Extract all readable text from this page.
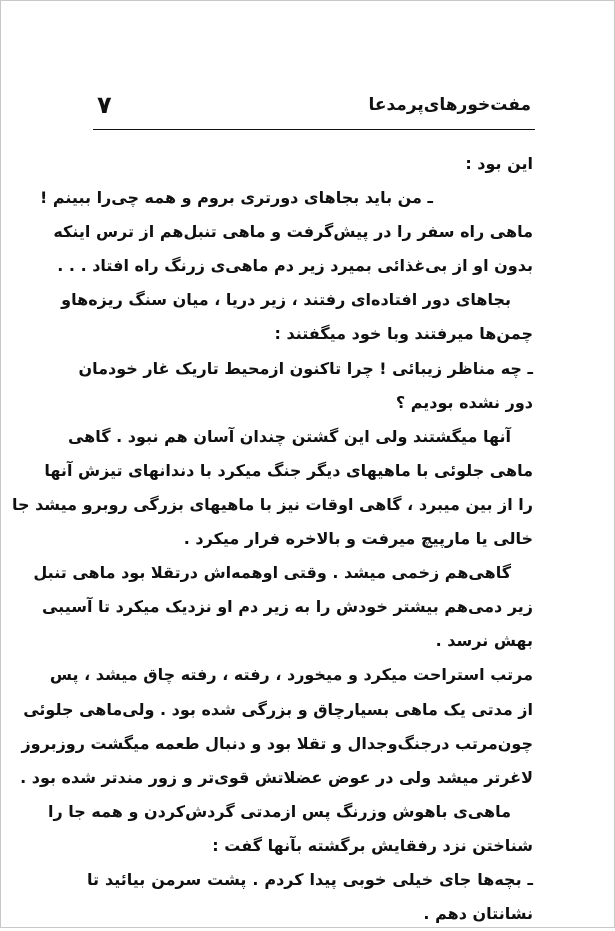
۷	مفت‌خورهای‌پرمدعا
این بود :
ـ من باید بجاهای دورتری بروم و همه چی‌را ببینم !
ماهی راه سفر را در پیش‌گرفت و ماهی تنبل‌هم از ترس اینکه
بدون او از بی‌غذائی بمیرد زیر دم ماهی‌ی زرنگ راه افتاد . . .
بجاهای دور افتاده‌ای رفتند ، زیر دریا ، میان سنگ ریزه‌هاو
چمن‌ها میرفتند وبا خود میگفتند :
ـ چه مناظر زیبائی ! چرا تاکنون ازمحیط تاریک غار خودمان
دور نشده بودیم ؟
آنها میگشتند ولی این گشتن چندان آسان هم نبود . گاهی
ماهی جلوئی با ماهیهای دیگر جنگ میکرد با دندانهای تیزش آنها
را از بین میبرد ، گاهی اوقات نیز با ماهیهای بزرگی روبرو میشد جا
خالی یا مارپیچ میرفت و بالاخره فرار میکرد .
گاهی‌هم زخمی میشد . وقتی اوهمه‌اش درتقلا بود ماهی تنبل
زیر دمی‌هم بیشتر خودش را به زیر دم او نزدیک میکرد تا آسیبی
بهش نرسد .
مرتب استراحت میکرد و میخورد ، رفته ، رفته چاق میشد ، پس
از مدتی یک ماهی بسیارچاق و بزرگی شده بود . ولی‌ماهی جلوئی
چون‌مرتب درجنگ‌وجدال و تقلا بود و دنبال طعمه میگشت روزبروز
لاغرتر میشد ولی در عوض عضلاتش قوی‌تر و زور مندتر شده بود .
ماهی‌ی باهوش وزرنگ پس ازمدتی گردش‌کردن و همه جا را
شناختن نزد رفقایش برگشته بآنها گفت :
ـ بچه‌ها جای خیلی خوبی پیدا کردم . پشت سرمن بیائید تا
نشانتان دهم .
